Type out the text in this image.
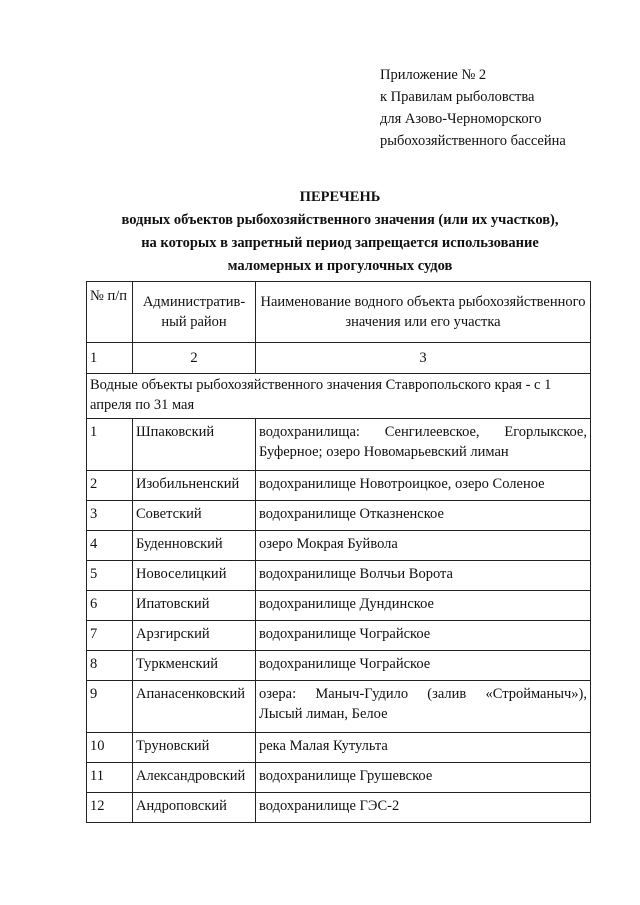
Приложение № 2
к Правилам рыболовства
для Азово-Черноморского
рыбохозяйственного бассейна
ПЕРЕЧЕНЬ
водных объектов рыбохозяйственного значения (или их участков),
на которых в запретный период запрещается использование
маломерных и прогулочных судов
№ п/п	Административ-ный район	Наименование водного объекта рыбохозяйственного значения или его участка
1	2	3
Водные объекты рыбохозяйственного значения Ставропольского края - с 1 апреля по 31 мая		
1	Шпаковский	водохранилища: Сенгилеевское, Егорлыкское, Буферное; озеро Новомарьевский лиман
2	Изобильненский	водохранилище Новотроицкое, озеро Соленое
3	Советский	водохранилище Отказненское
4	Буденновский	озеро Мокрая Буйвола
5	Новоселицкий	водохранилище Волчьи Ворота
6	Ипатовский	водохранилище Дундинское
7	Арзгирский	водохранилище Чограйское
8	Туркменский	водохранилище Чограйское
9	Апанасенковский	озера: Маныч-Гудило (залив «Стройманыч»), Лысый лиман, Белое
10	Труновский	река Малая Кутульта
11	Александровский	водохранилище Грушевское
12	Андроповский	водохранилище ГЭС-2
